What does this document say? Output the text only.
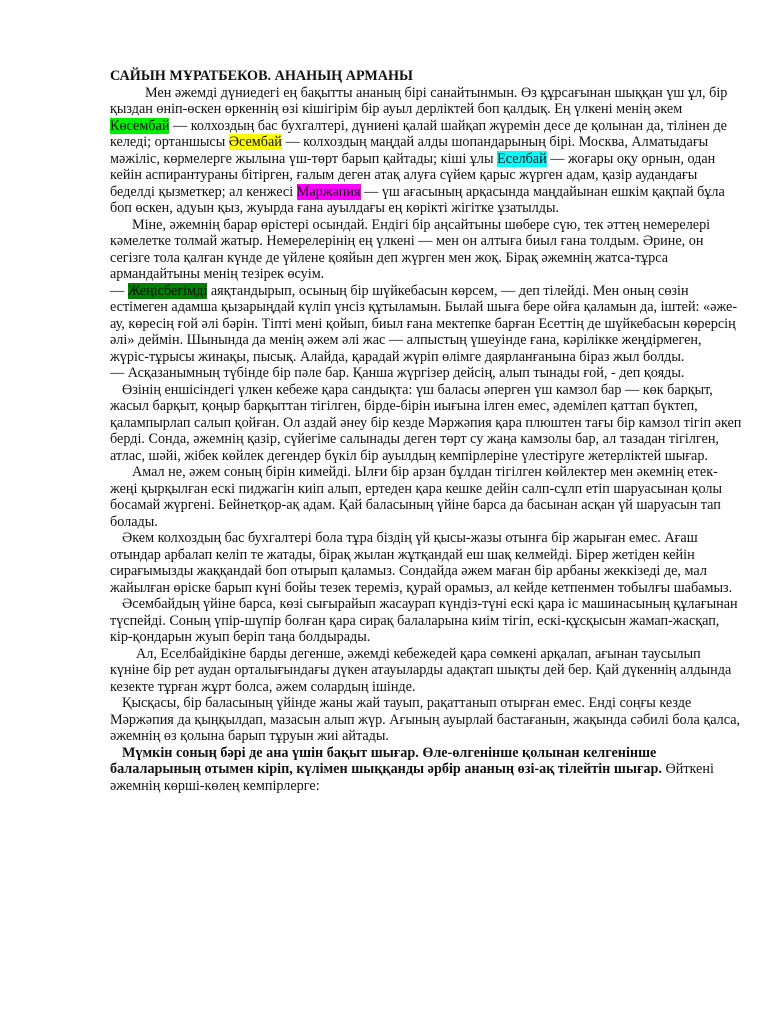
САЙЫН МҰРАТБЕКОВ. АНАНЫҢ АРМАНЫ

Мен әжемді дүниедегі ең бақытты ананың бірі санайтынмын. Өз құрсағынан шыққан үш ұл, бір қыздан өніп-өскен өркеннің өзі кішігірім бір ауыл дерліктей боп қалдық. Ең үлкені менің әкем Көсембай — колхоздың бас бухгалтері, дүниені қалай шайқап жүремін десе де қолынан да, тілінен де келеді; ортаншысы Әсембай — колхоздың маңдай алды шопандарының бірі. Москва, Алматыдағы мәжіліс, көрмелерге жылына үш-төрт барып қайтады; кіші ұлы Еселбай — жоғары оқу орнын, одан кейін аспирантураны бітірген, ғалым деген атақ алуға сүйем қарыс жүрген адам, қазір аудандағы беделді қызметкер; ал кенжесі Мәржәпия — үш ағасының арқасында маңдайынан ешкім қақпай бұла боп өскен, адуын қыз, жуырда ғана ауылдағы ең көрікті жігітке ұзатылды.

Міне, әжемнің барар өрістері осындай. Ендігі бір аңсайтыны шөбере сүю, тек әттең немерелері кәмелетке толмай жатыр. Немерелерінің ең үлкені — мен он алтыға биыл ғана толдым. Әрине, он сегізге тола қалған күнде де үйлене қояйын деп жүрген мен жоқ. Бірақ әжемнің жатса-тұрса армандайтыны менің тезірек өсуім.

— Жеңісбегімді аяқтандырып, осының бір шүйкебасын көрсем, — деп тілейді. Мен оның сөзін естімеген адамша қызарыңдай күліп үнсіз құтыламын. Былай шыға бере ойға қаламын да, іштей: «әже-ау, көресің ғой әлі бәрін. Тіпті мені қойып, биыл ғана мектепке барған Есеттің де шүйкебасын көрерсің әлі» деймін. Шынында да менің әжем әлі жас — алпыстың үшеуінде ғана, кәрілікке жеңдірмеген, жүріс-тұрысы жинақы, пысық. Алайда, қарадай жүріп өлімге даярланғанына біраз жыл болды.

— Асқазанымның түбінде бір пәле бар. Қанша жүргізер дейсің, алып тынады ғой, - деп қояды.

Өзінің еншісіндегі үлкен кебеже қара сандықта: үш баласы әперген үш камзол бар — көк барқыт, жасыл барқыт, қоңыр барқыттан тігілген, бірде-бірін иығына ілген емес, әдемілеп қаттап бүктеп, қалампырлап салып қойған. Ол аздай әнеу бір кезде Мәржәпия қара плюштен тағы бір камзол тігіп әкеп берді. Сонда, әжемнің қазір, сүйегіме салынады деген төрт су жаңа камзолы бар, ал тазадан тігілген, атлас, шәйі, жібек көйлек дегендер бүкіл бір ауылдың кемпірлеріне үлестіруге жетерліктей шығар.

Амал не, әжем соның бірін кимейді. Ылғи бір арзан бұлдан тігілген көйлектер мен әкемнің етек-жеңі қырқылған ескі пиджагін киіп алып, ертеден қара кешке дейін салп-сұлп етіп шаруасынан қолы босамай жүргені. Бейнетқор-ақ адам. Қай баласының үйіне барса да басынан асқан үй шаруасын тап болады.

Әкем колхоздың бас бухгалтері бола тұра біздің үй қысы-жазы отынға бір жарыған емес. Ағаш отындар арбалап келіп те жатады, бірақ жылан жұтқандай еш шақ келмейді. Бірер жетіден кейін сирағымызды жаққандай боп отырып қаламыз. Сондайда әжем маған бір арбаны жеккізеді де, мал жайылған өріске барып күні бойы тезек тереміз, қурай орамыз, ал кейде кетпенмен тобылғы шабамыз.

Әсембайдың үйіне барса, көзі сығырайып жасаурап күндіз-түні ескі қара іс машинасының құлағынан түспейді. Соның үпір-шүпір болған қара сирақ балаларына киім тігіп, ескі-құсқысын жамап-жасқап, кір-қондарын жуып беріп таңа болдырады.

Ал, Еселбайдікіне барды дегенше, әжемді кебежедей қара сөмкені арқалап, ағынан таусылып күніне бір рет аудан орталығындағы дүкен атауыларды адақтап шықты дей бер. Қай дүкеннің алдында кезекте тұрған жұрт болса, әжем солардың ішінде.

Қысқасы, бір баласының үйінде жаны жай тауып, рақаттанып отырған емес. Енді соңғы кезде Мәржәпия да қыңқылдап, мазасын алып жүр. Ағының ауырлай бастағанын, жақында сәбилі бола қалса, әжемнің өз қолына барып тұруын жиі айтады.

Мүмкін соның бәрі де ана үшін бақыт шығар. Өле-өлгенінше қолынан келгенінше балаларының отымен кіріп, күлімен шыққанды әрбір ананың өзі-ақ тілейтін шығар. Өйткені әжемнің көрші-көлең кемпірлерге:
